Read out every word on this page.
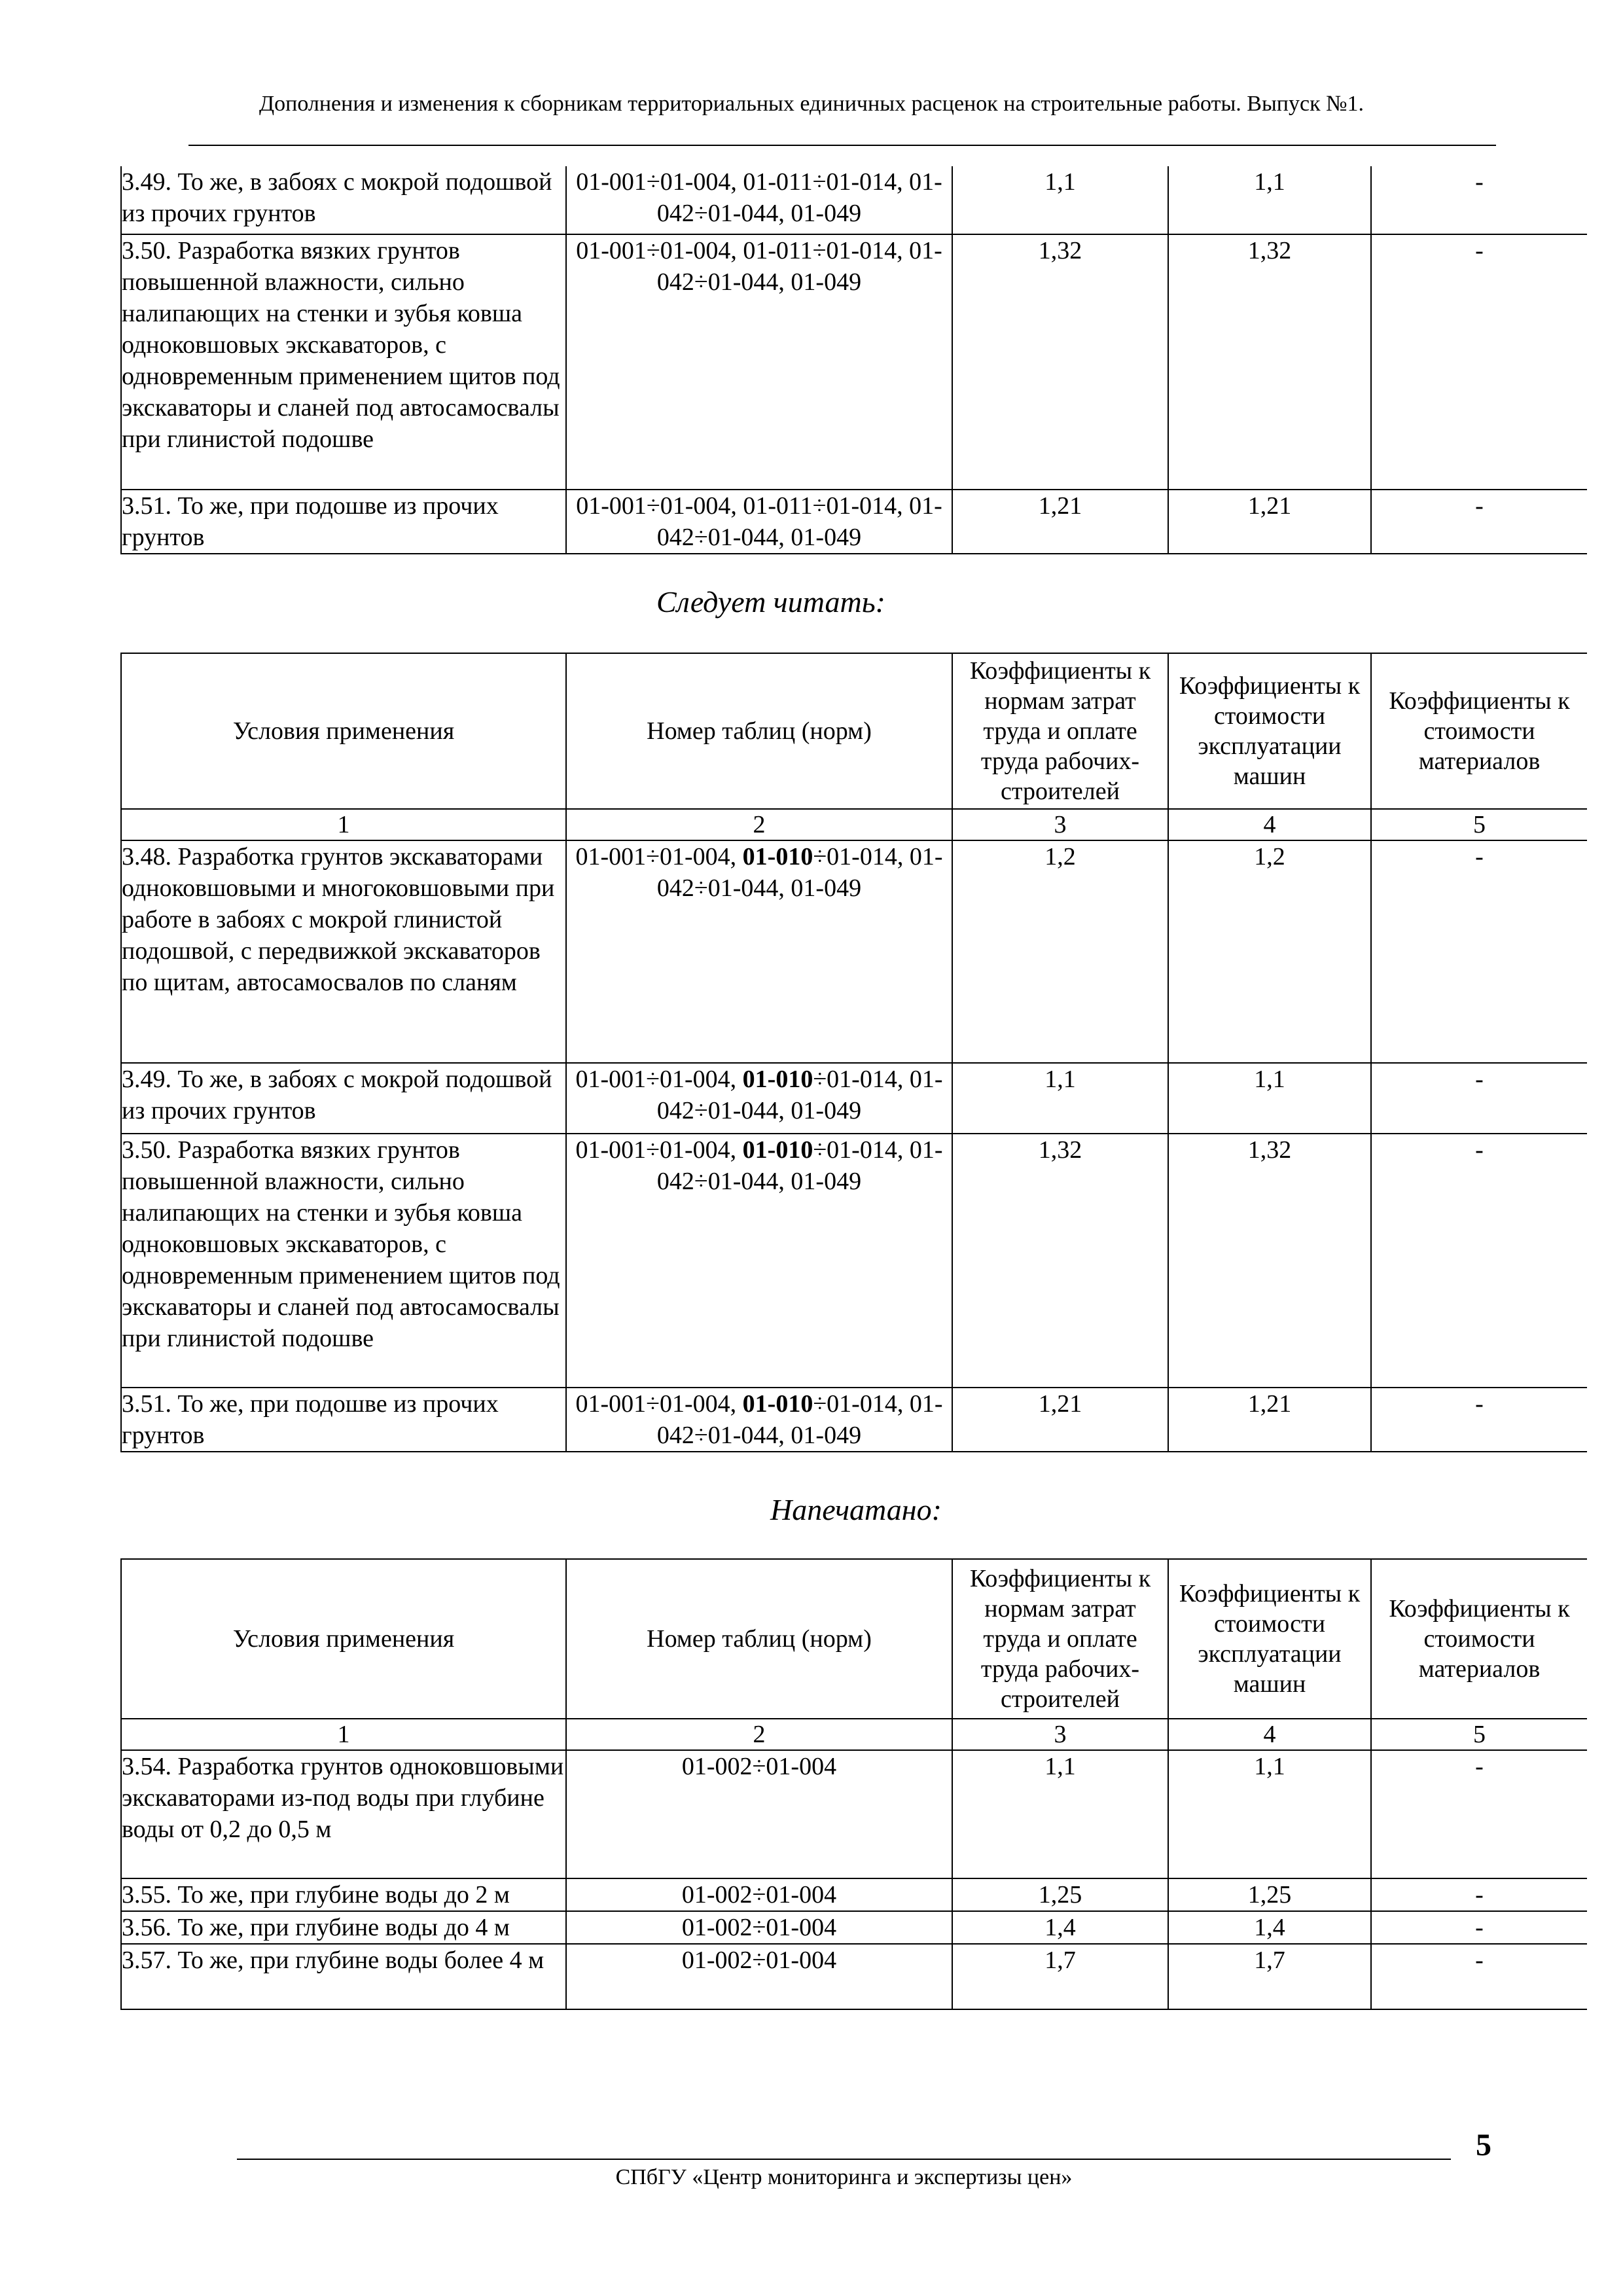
Дополнения и изменения к сборникам территориальных единичных расценок на строительные работы. Выпуск №1.
3.49. То же, в забоях с мокрой подошвой из прочих грунтов	01-001÷01-004, 01-011÷01-014, 01-042÷01-044, 01-049	1,1	1,1	-
3.50. Разработка вязких грунтов повышенной влажности, сильно налипающих на стенки и зубья ковша одноковшовых экскаваторов, с одновременным применением щитов под экскаваторы и сланей под автосамосвалы при глинистой подошве	01-001÷01-004, 01-011÷01-014, 01-042÷01-044, 01-049	1,32	1,32	-
3.51. То же, при подошве из прочих грунтов	01-001÷01-004, 01-011÷01-014, 01-042÷01-044, 01-049	1,21	1,21	-
Следует читать:
Условия применения	Номер таблиц (норм)	Коэффициенты к нормам затрат труда и оплате труда рабочих-строителей	Коэффициенты к стоимости эксплуатации машин	Коэффициенты к стоимости материалов
1	2	3	4	5
3.48. Разработка грунтов экскаваторами одноковшовыми и многоковшовыми при работе в забоях с мокрой глинистой подошвой, с передвижкой экскаваторов по щитам, автосамосвалов по сланям	01-001÷01-004, 01-010÷01-014, 01-042÷01-044, 01-049	1,2	1,2	-
3.49. То же, в забоях с мокрой подошвой из прочих грунтов	01-001÷01-004, 01-010÷01-014, 01-042÷01-044, 01-049	1,1	1,1	-
3.50. Разработка вязких грунтов повышенной влажности, сильно налипающих на стенки и зубья ковша одноковшовых экскаваторов, с одновременным применением щитов под экскаваторы и сланей под автосамосвалы при глинистой подошве	01-001÷01-004, 01-010÷01-014, 01-042÷01-044, 01-049	1,32	1,32	-
3.51. То же, при подошве из прочих грунтов	01-001÷01-004, 01-010÷01-014, 01-042÷01-044, 01-049	1,21	1,21	-
Напечатано:
Условия применения	Номер таблиц (норм)	Коэффициенты к нормам затрат труда и оплате труда рабочих-строителей	Коэффициенты к стоимости эксплуатации машин	Коэффициенты к стоимости материалов
1	2	3	4	5
3.54. Разработка грунтов одноковшовыми экскаваторами из-под воды при глубине воды от 0,2 до 0,5 м	01-002÷01-004	1,1	1,1	-
3.55. То же, при глубине воды до 2 м	01-002÷01-004	1,25	1,25	-
3.56. То же, при глубине воды до 4 м	01-002÷01-004	1,4	1,4	-
3.57. То же, при глубине воды более 4 м	01-002÷01-004	1,7	1,7	-
5
СПбГУ «Центр мониторинга и экспертизы цен»
